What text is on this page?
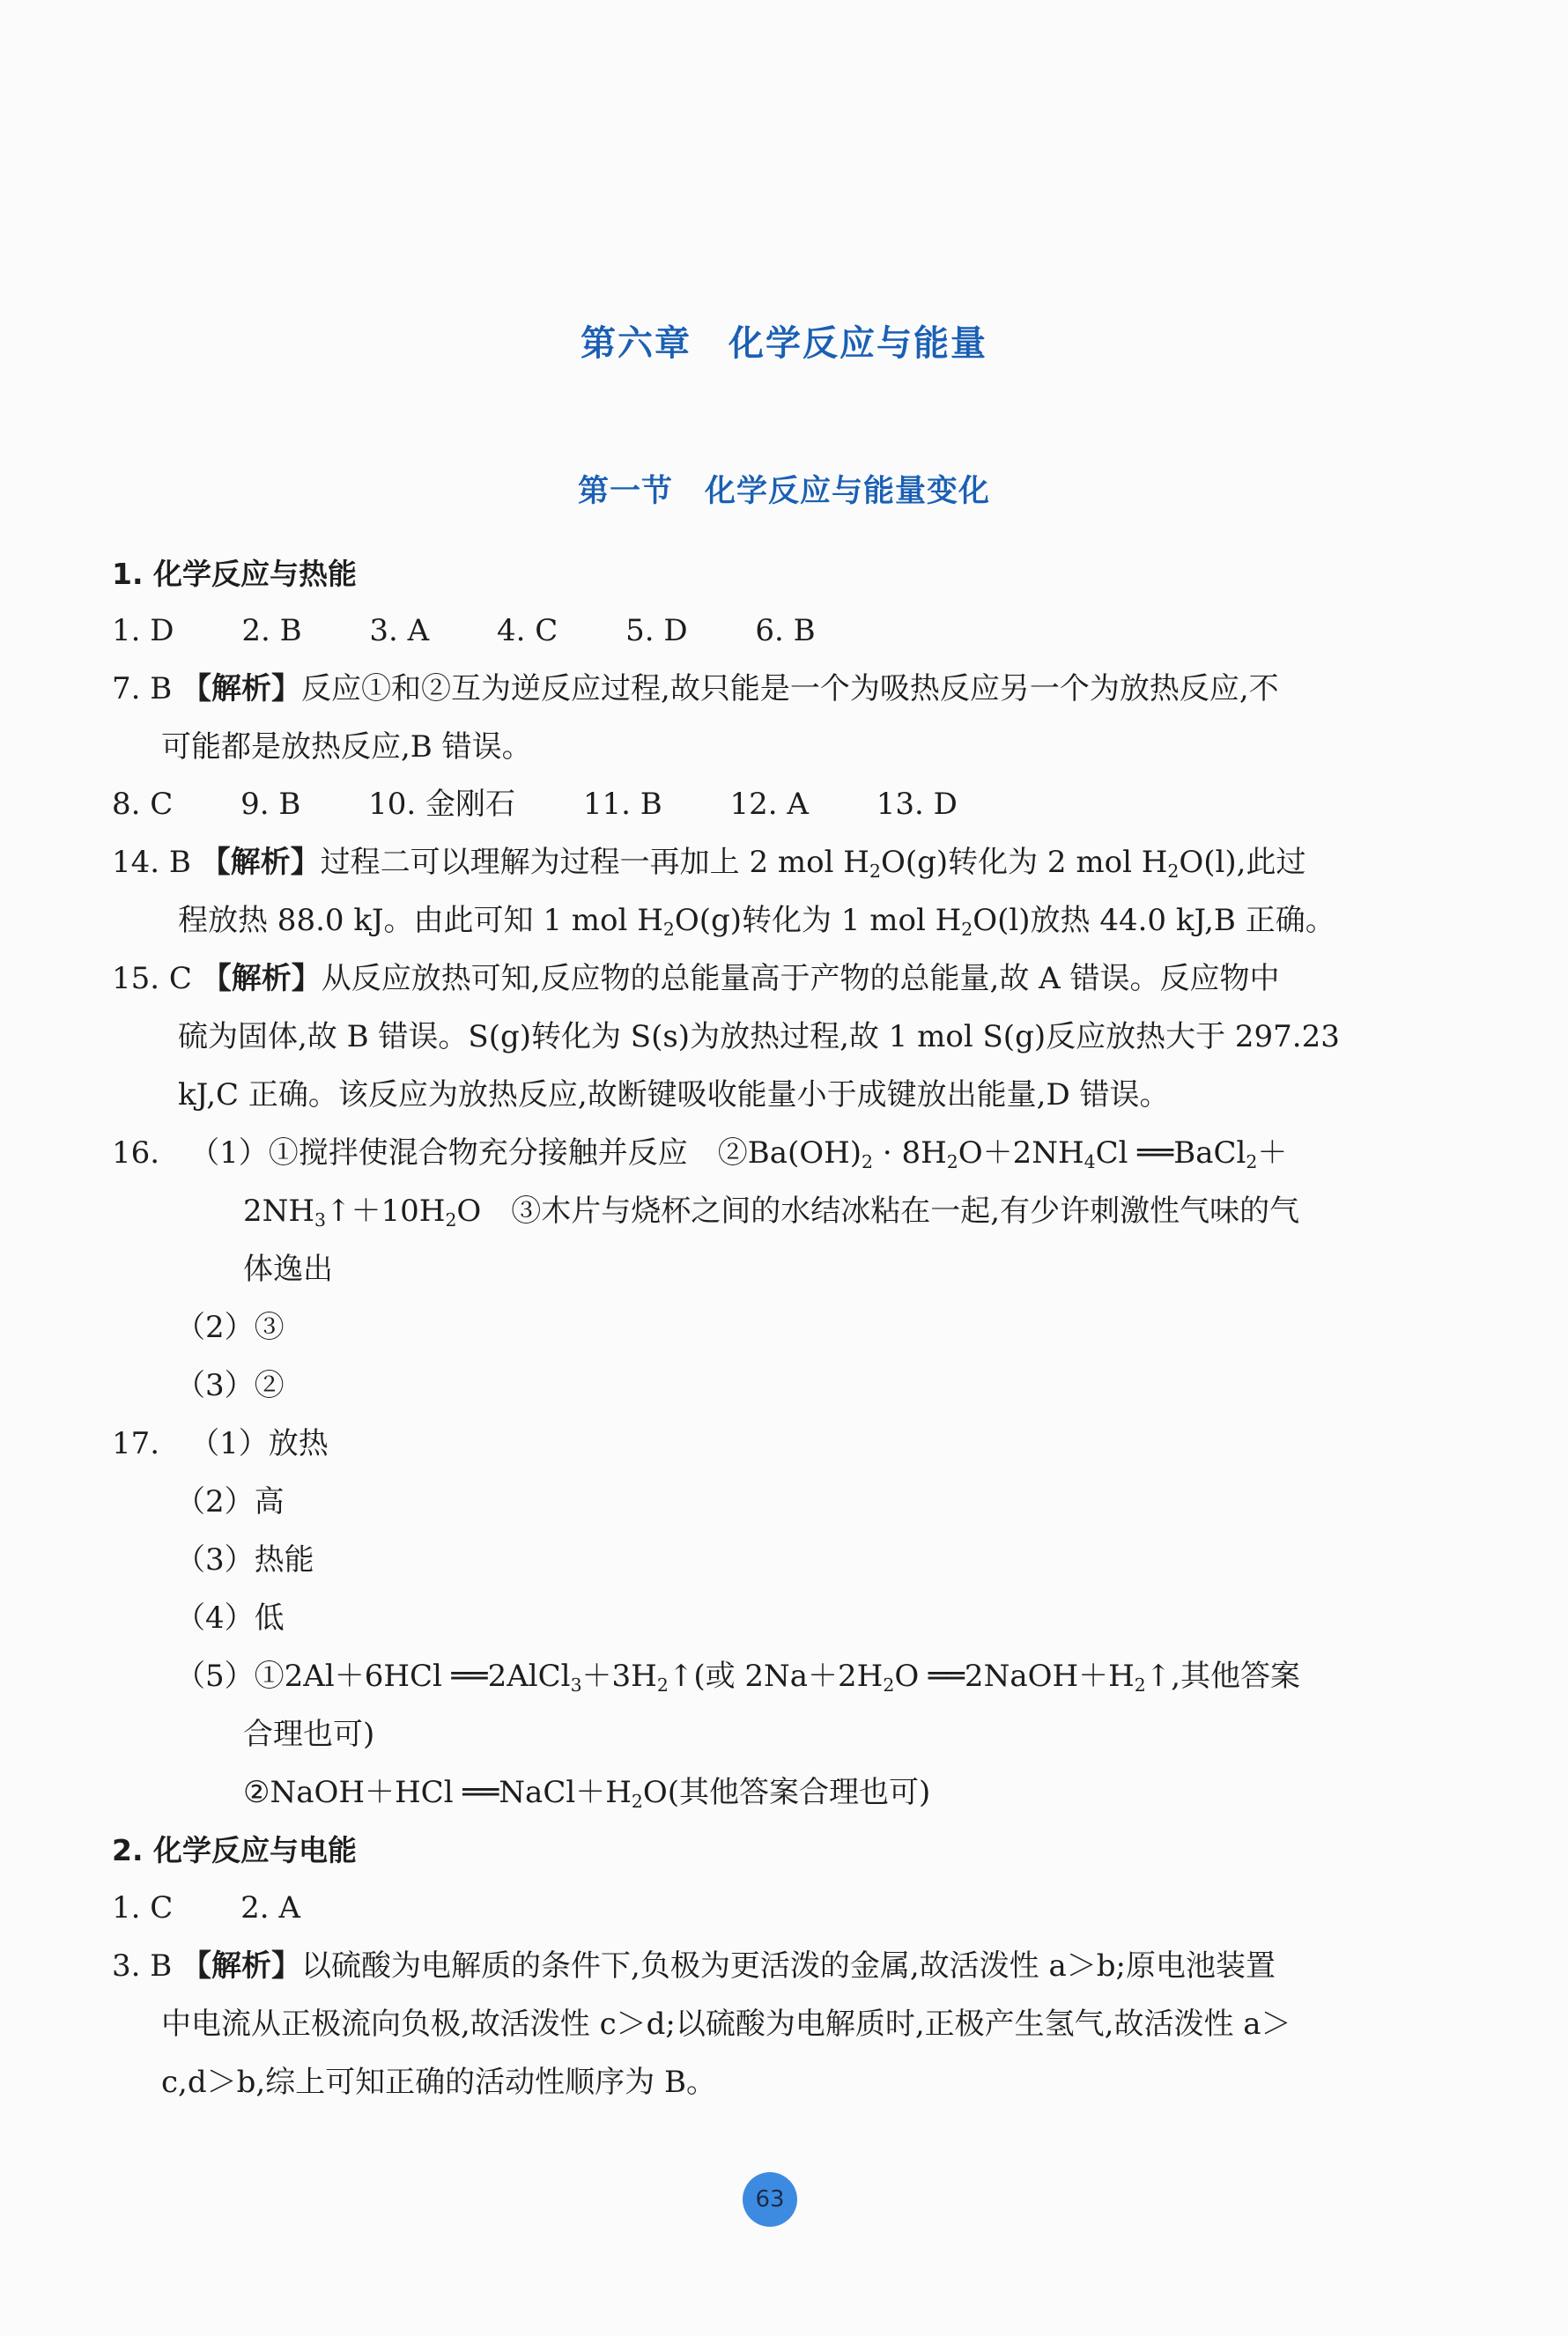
第六章　化学反应与能量
第一节　化学反应与能量变化
1. 化学反应与热能
1. D 2. B 3. A 4. C 5. D 6. B
7. B 【解析】反应①和②互为逆反应过程,故只能是一个为吸热反应另一个为放热反应,不
可能都是放热反应,B 错误。
8. C 9. B 10. 金刚石 11. B 12. A 13. D
14. B 【解析】过程二可以理解为过程一再加上 2 mol $H_2O(g)$转化为 2 mol $H_2O(l)$,此过
程放热 88.0 kJ。由此可知 1 mol $H_2O(g)$转化为 1 mol $H_2O(l)$放热 44.0 kJ,B 正确。
15. C 【解析】从反应放热可知,反应物的总能量高于产物的总能量,故 A 错误。反应物中
硫为固体,故 B 错误。S(g)转化为 S(s)为放热过程,故 1 mol S(g)反应放热大于 297.23
kJ,C 正确。该反应为放热反应,故断键吸收能量小于成键放出能量,D 错误。
16. （1）①搅拌使混合物充分接触并反应　$②Ba(OH)_2 \cdot 8H_2O+2NH_4Cl$ ══BaCl$_2$＋
$2NH_3↑+10H_2O$　③木片与烧杯之间的水结冰粘在一起,有少许刺激性气味的气
体逸出
（2）③
（3）②
17. （1）放热
（2）高
（3）热能
（4）低
（5）①2Al＋6HCl $══2AlCl_3+3H_2↑$(或 $2Na+2H_2O$ $══2NaOH+H_2↑$,其他答案
合理也可)
②NaOH＋HCl $══NaCl+H_2O$(其他答案合理也可)
2. 化学反应与电能
1. C 2. A
3. B 【解析】以硫酸为电解质的条件下,负极为更活泼的金属,故活泼性 a＞b;原电池装置
中电流从正极流向负极,故活泼性 c＞d;以硫酸为电解质时,正极产生氢气,故活泼性 a＞
c,d＞b,综上可知正确的活动性顺序为 B。
63
